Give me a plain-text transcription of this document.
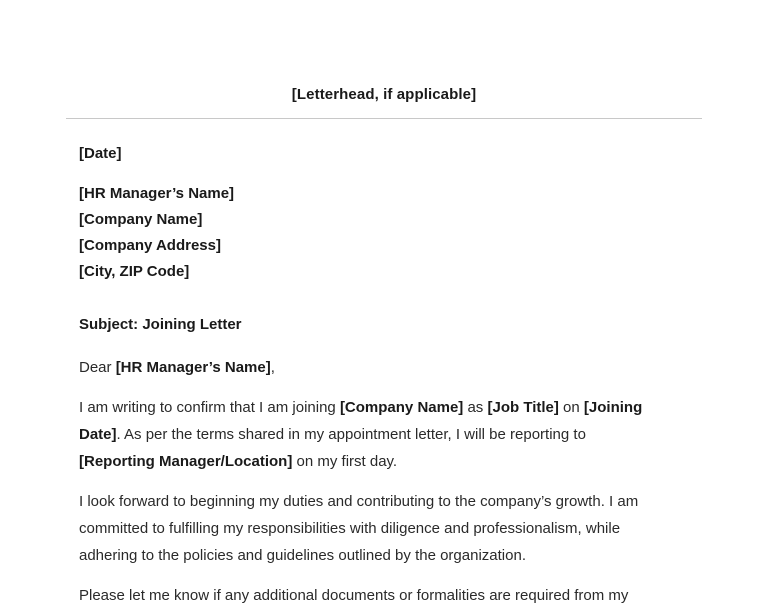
[Letterhead, if applicable]

[Date]

[HR Manager’s Name]

[Company Name]

[Company Address]

[City, ZIP Code]

Subject: Joining Letter

Dear [HR Manager’s Name],

I am writing to confirm that I am joining [Company Name] as [Job Title] on [Joining Date]. As per the terms shared in my appointment letter, I will be reporting to [Reporting Manager/Location] on my first day.

I look forward to beginning my duties and contributing to the company’s growth. I am committed to fulfilling my responsibilities with diligence and professionalism, while adhering to the policies and guidelines outlined by the organization.

Please let me know if any additional documents or formalities are required from my
